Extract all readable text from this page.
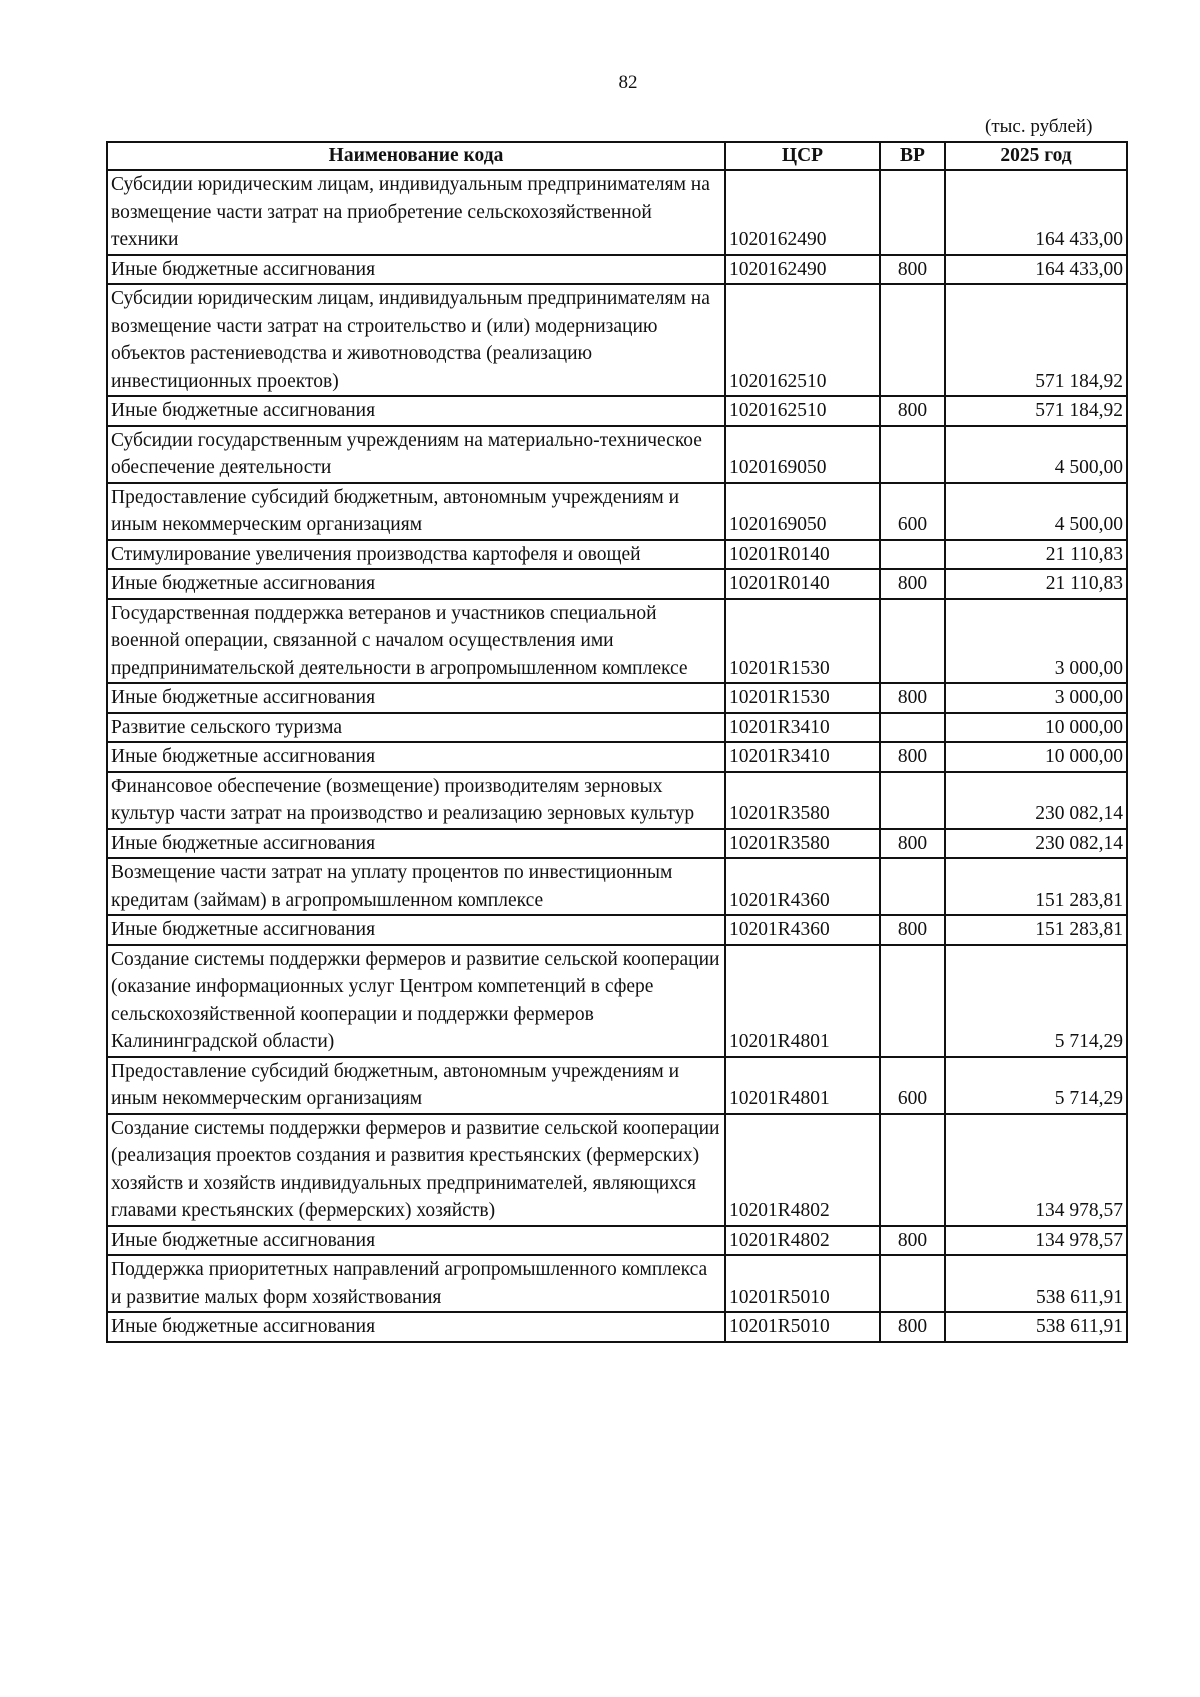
82
(тыс. рублей)
Наименование кода	ЦСР	ВР	2025 год
Субсидии юридическим лицам, индивидуальным предпринимателям на возмещение части затрат на приобретение сельскохозяйственной техники	1020162490		164 433,00
Иные бюджетные ассигнования	1020162490	800	164 433,00
Субсидии юридическим лицам, индивидуальным предпринимателям на возмещение части затрат на строительство и (или) модернизацию объектов растениеводства и животноводства (реализацию инвестиционных проектов)	1020162510		571 184,92
Иные бюджетные ассигнования	1020162510	800	571 184,92
Субсидии государственным учреждениям на материально-техническое обеспечение деятельности	1020169050		4 500,00
Предоставление субсидий бюджетным, автономным учреждениям и иным некоммерческим организациям	1020169050	600	4 500,00
Стимулирование увеличения производства картофеля и овощей	10201R0140		21 110,83
Иные бюджетные ассигнования	10201R0140	800	21 110,83
Государственная поддержка ветеранов и участников специальной военной операции, связанной с началом осуществления ими предпринимательской деятельности в агропромышленном комплексе	10201R1530		3 000,00
Иные бюджетные ассигнования	10201R1530	800	3 000,00
Развитие сельского туризма	10201R3410		10 000,00
Иные бюджетные ассигнования	10201R3410	800	10 000,00
Финансовое обеспечение (возмещение) производителям зерновых культур части затрат на производство и реализацию зерновых культур	10201R3580		230 082,14
Иные бюджетные ассигнования	10201R3580	800	230 082,14
Возмещение части затрат на уплату процентов по инвестиционным кредитам (займам) в агропромышленном комплексе	10201R4360		151 283,81
Иные бюджетные ассигнования	10201R4360	800	151 283,81
Создание системы поддержки фермеров и развитие сельской кооперации (оказание информационных услуг Центром компетенций в сфере сельскохозяйственной кооперации и поддержки фермеров Калининградской области)	10201R4801		5 714,29
Предоставление субсидий бюджетным, автономным учреждениям и иным некоммерческим организациям	10201R4801	600	5 714,29
Создание системы поддержки фермеров и развитие сельской кооперации (реализация проектов создания и развития крестьянских (фермерских) хозяйств и хозяйств индивидуальных предпринимателей, являющихся главами крестьянских (фермерских) хозяйств)	10201R4802		134 978,57
Иные бюджетные ассигнования	10201R4802	800	134 978,57
Поддержка приоритетных направлений агропромышленного комплекса и развитие малых форм хозяйствования	10201R5010		538 611,91
Иные бюджетные ассигнования	10201R5010	800	538 611,91
